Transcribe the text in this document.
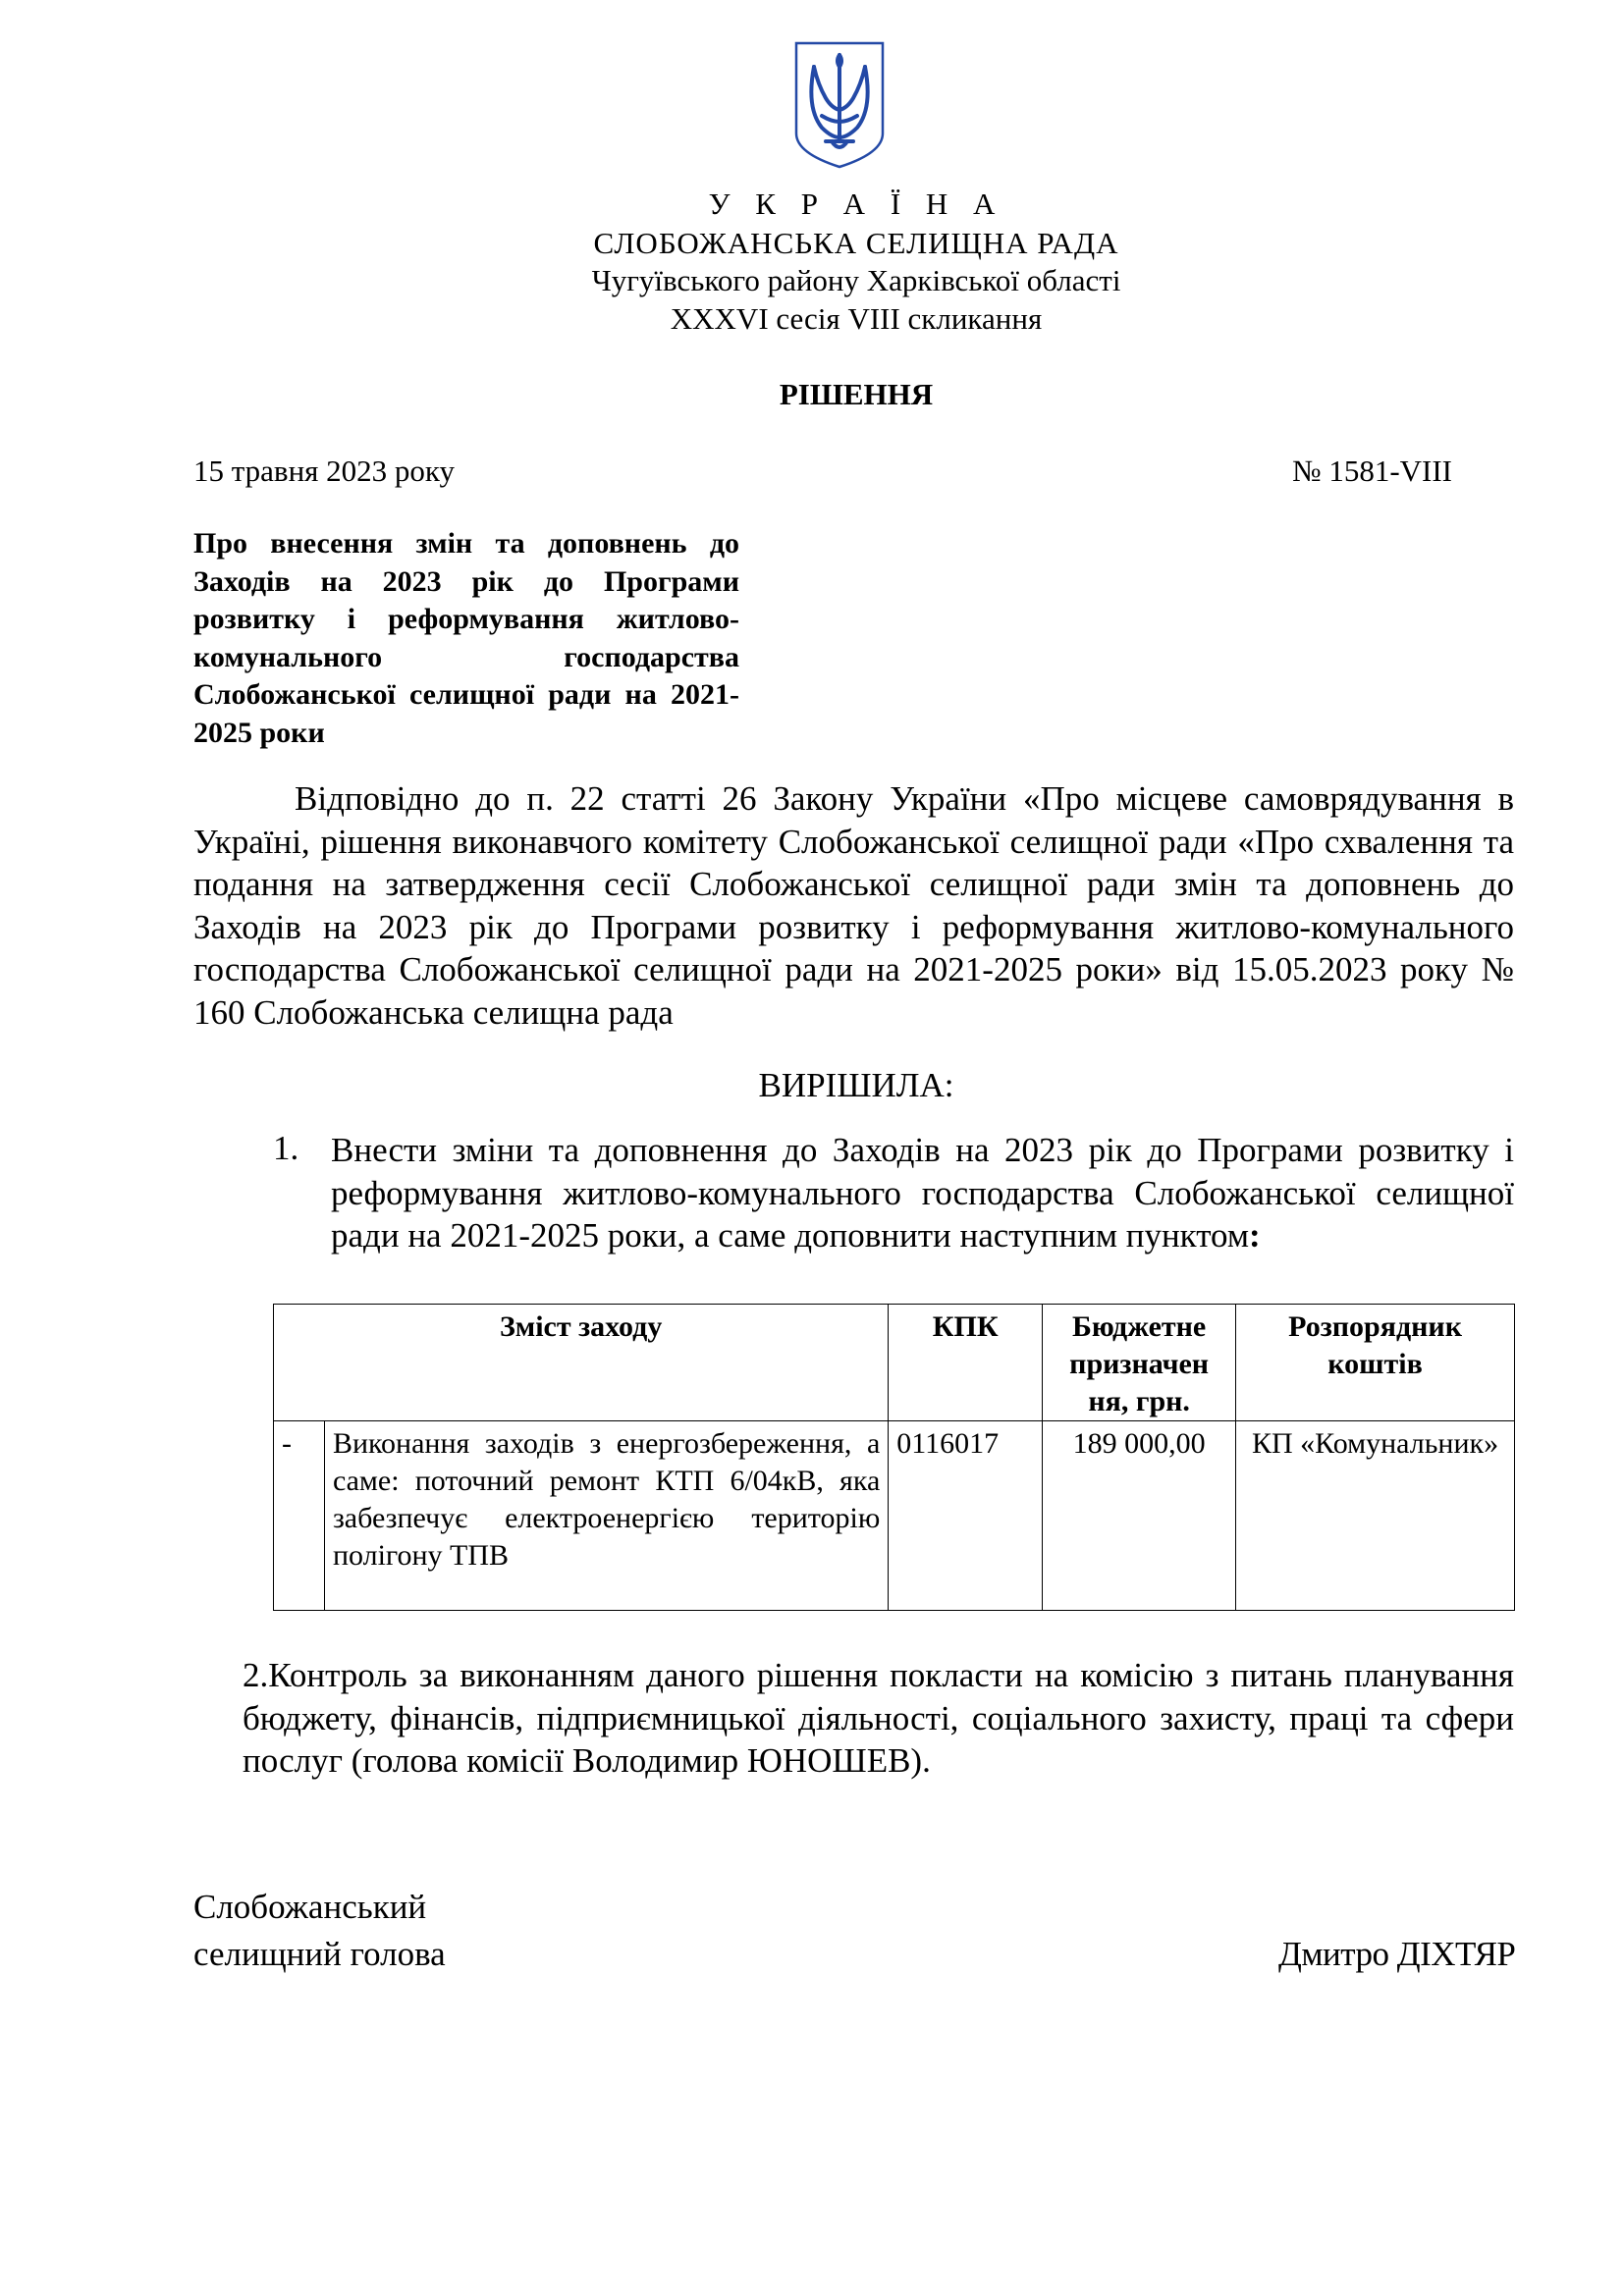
У К Р А Ї Н А
СЛОБОЖАНСЬКА СЕЛИЩНА РАДА
Чугуївського району Харківської області
XXXVI сесія VIII скликання
РІШЕННЯ
15 травня 2023 року	№ 1581-VIII
Про внесення змін та доповнень до Заходів на 2023 рік до Програми розвитку і реформування житлово-комунального господарства Слобожанської селищної ради на 2021-2025 роки
Відповідно до п. 22 статті 26 Закону України «Про місцеве самоврядування в Україні, рішення виконавчого комітету Слобожанської селищної ради «Про схвалення та подання на затвердження сесії Слобожанської селищної ради змін та доповнень до Заходів на 2023 рік до Програми розвитку і реформування житлово-комунального господарства Слобожанської селищної ради на 2021-2025 роки» від 15.05.2023 року № 160 Слобожанська селищна рада
ВИРІШИЛА:
1. Внести зміни та доповнення до Заходів на 2023 рік до Програми розвитку і реформування житлово-комунального господарства Слобожанської селищної ради на 2021-2025 роки, а саме доповнити наступним пунктом:
Зміст заходу		КПК	Бюджетне призначен ня, грн.	Розпорядник коштів
-	Виконання заходів з енергозбереження, а саме: поточний ремонт КТП 6/04кВ, яка забезпечує електроенергією територію полігону ТПВ	0116017	189 000,00	КП «Комунальник»
2.Контроль за виконанням даного рішення покласти на комісію з питань планування бюджету, фінансів, підприємницької діяльності, соціального захисту, праці та сфери послуг (голова комісії Володимир ЮНОШЕВ).
Слобожанський
селищний голова	Дмитро ДІХТЯР
